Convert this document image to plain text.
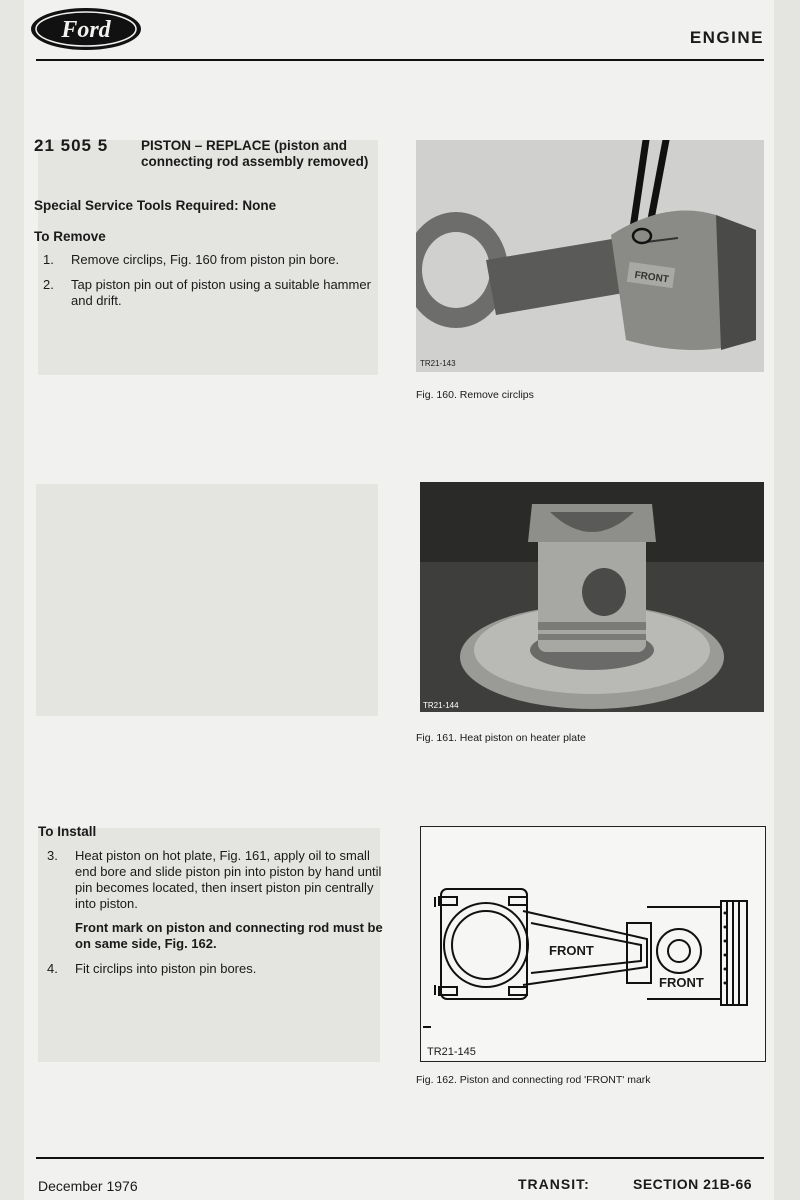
Ford	ENGINE
21 505 5 PISTON – REPLACE (piston and connecting rod assembly removed)
Special Service Tools Required: None
To Remove
1. Remove circlips, Fig. 160 from piston pin bore.
2. Tap piston pin out of piston using a suitable hammer and drift.
To Install
3. Heat piston on hot plate, Fig. 161, apply oil to small end bore and slide piston pin into piston by hand until pin becomes located, then insert piston pin centrally into piston.
Front mark on piston and connecting rod must be on same side, Fig. 162.
4. Fit circlips into piston pin bores.
FRONT
TR21-143
Fig. 160. Remove circlips
TR21-144
Fig. 161. Heat piston on heater plate
FRONT
FRONT
TR21-145
Fig. 162. Piston and connecting rod 'FRONT' mark
December 1976	TRANSIT:	SECTION 21B-66
